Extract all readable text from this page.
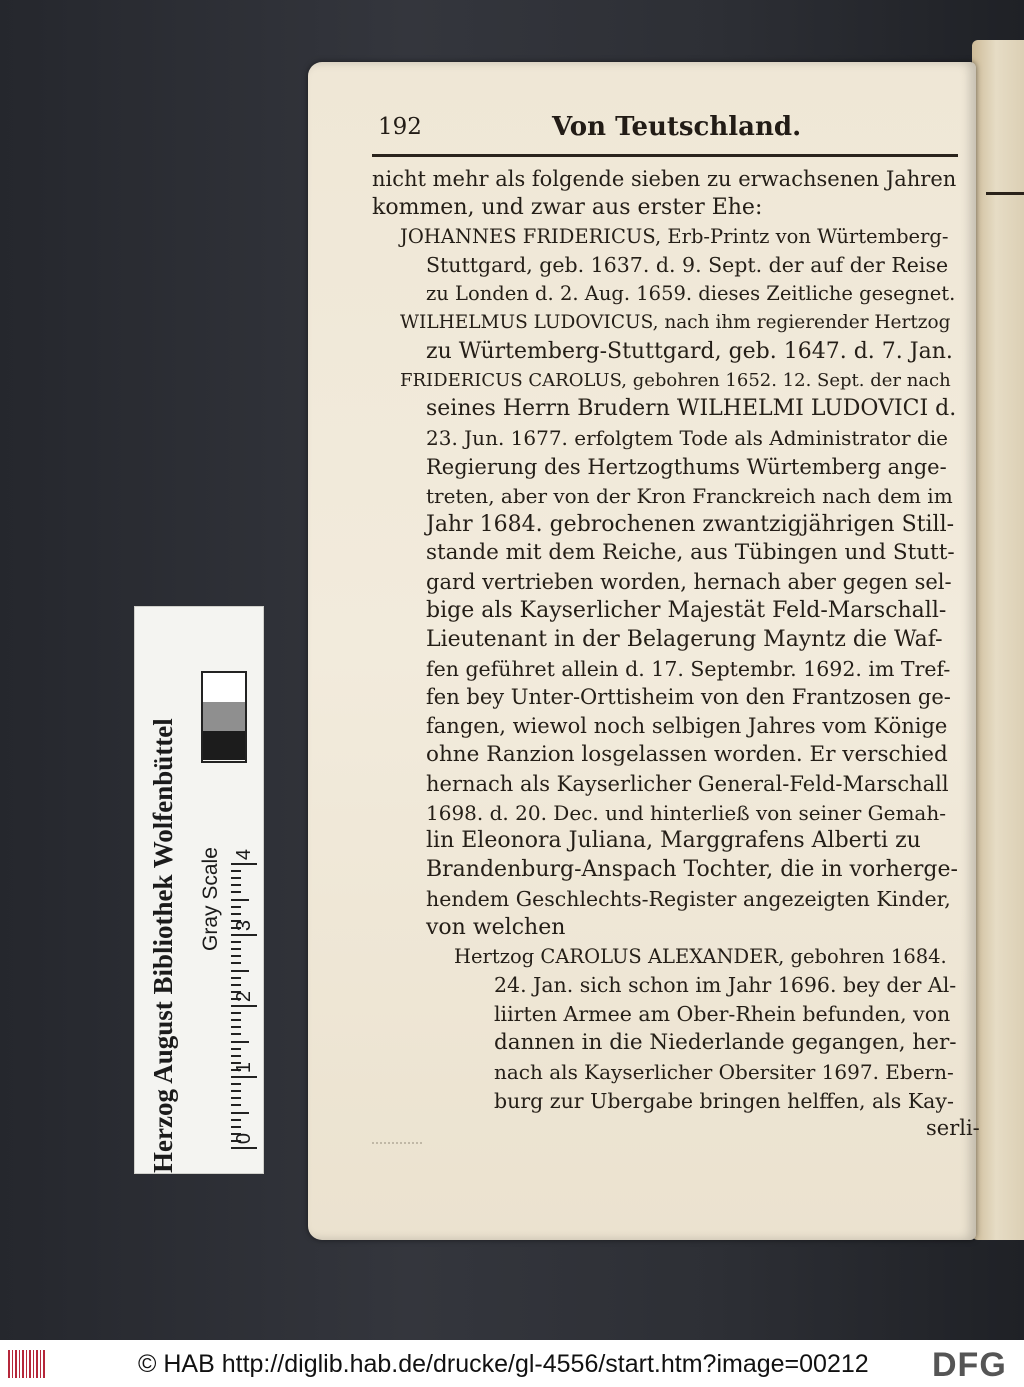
192	Von Teutschland.
nicht mehr als folgende sieben zu erwachsenen Jahren
kommen, und zwar aus erster Ehe:
JOHANNES FRIDERICUS, Erb-Printz von Würtemberg-
Stuttgard, geb. 1637. d. 9. Sept. der auf der Reise
zu Londen d. 2. Aug. 1659. dieses Zeitliche gesegnet.
WILHELMUS LUDOVICUS, nach ihm regierender Hertzog
zu Würtemberg-Stuttgard, geb. 1647. d. 7. Jan.
FRIDERICUS CAROLUS, gebohren 1652. 12. Sept. der nach
seines Herrn Brudern WILHELMI LUDOVICI d.
23. Jun. 1677. erfolgtem Tode als Administrator die
Regierung des Hertzogthums Würtemberg ange-
treten, aber von der Kron Franckreich nach dem im
Jahr 1684. gebrochenen zwantzigjährigen Still-
stande mit dem Reiche, aus Tübingen und Stutt-
gard vertrieben worden, hernach aber gegen sel-
bige als Kayserlicher Majestät Feld-Marschall-
Lieutenant in der Belagerung Mayntz die Waf-
fen geführet allein d. 17. Septembr. 1692. im Tref-
fen bey Unter-Orttisheim von den Frantzosen ge-
fangen, wiewol noch selbigen Jahres vom Könige
ohne Ranzion losgelassen worden. Er verschied
hernach als Kayserlicher General-Feld-Marschall
1698. d. 20. Dec. und hinterließ von seiner Gemah-
lin Eleonora Juliana, Marggrafens Alberti zu
Brandenburg-Anspach Tochter, die in vorherge-
hendem Geschlechts-Register angezeigten Kinder,
von welchen
Hertzog CAROLUS ALEXANDER, gebohren 1684.
24. Jan. sich schon im Jahr 1696. bey der Al-
liirten Armee am Ober-Rhein befunden, von
dannen in die Niederlande gegangen, her-
nach als Kayserlicher Obersiter 1697. Ebern-
burg zur Ubergabe bringen helffen, als Kay-
serli-
Herzog August Bibliothek Wolfenbüttel	Gray Scale
0
1
2
3
4
© HAB http://diglib.hab.de/drucke/gl-4556/start.htm?image=00212 DFG
